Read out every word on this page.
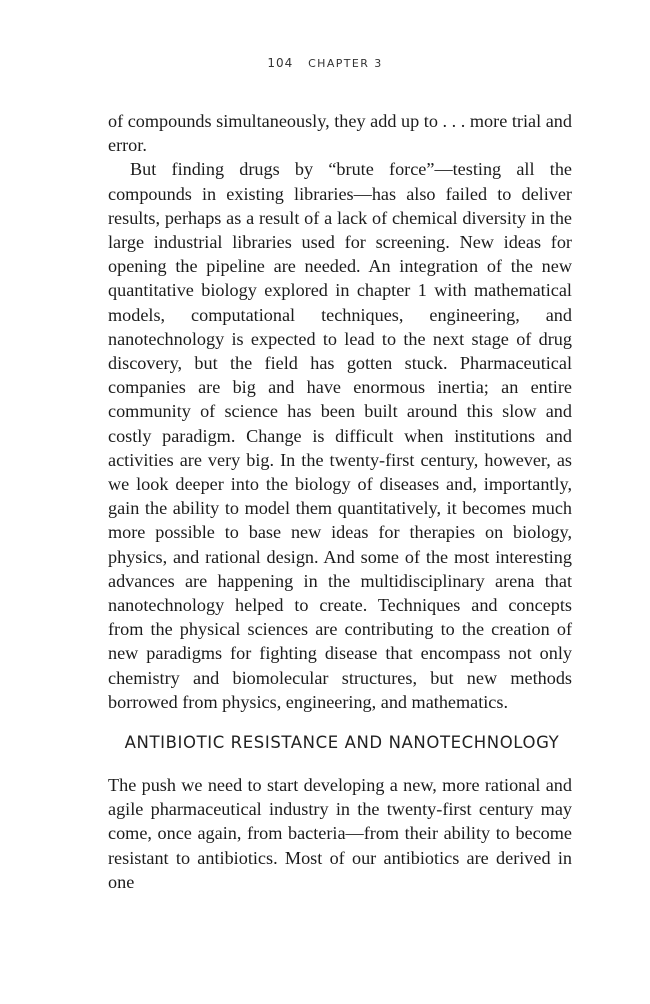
104 CHAPTER 3

of compounds simultaneously, they add up to . . . more trial and error.

But finding drugs by “brute force”—testing all the compounds in existing libraries—has also failed to deliver results, perhaps as a result of a lack of chemical diversity in the large industrial libraries used for screening. New ideas for opening the pipeline are needed. An integration of the new quantitative biology explored in chapter 1 with mathematical models, computational techniques, engineering, and nanotechnology is expected to lead to the next stage of drug discovery, but the field has gotten stuck. Pharmaceutical companies are big and have enormous inertia; an entire community of science has been built around this slow and costly paradigm. Change is difficult when institutions and activities are very big. In the twenty-first century, however, as we look deeper into the biology of diseases and, importantly, gain the ability to model them quantitatively, it becomes much more possible to base new ideas for therapies on biology, physics, and rational design. And some of the most interesting advances are happening in the multidisciplinary arena that nanotechnology helped to create. Techniques and concepts from the physical sciences are contributing to the creation of new paradigms for fighting disease that encompass not only chemistry and biomolecular structures, but new methods borrowed from physics, engineering, and mathematics.

ANTIBIOTIC RESISTANCE AND NANOTECHNOLOGY

The push we need to start developing a new, more rational and agile pharmaceutical industry in the twenty-first century may come, once again, from bacteria—from their ability to become resistant to antibiotics. Most of our antibiotics are derived in one
